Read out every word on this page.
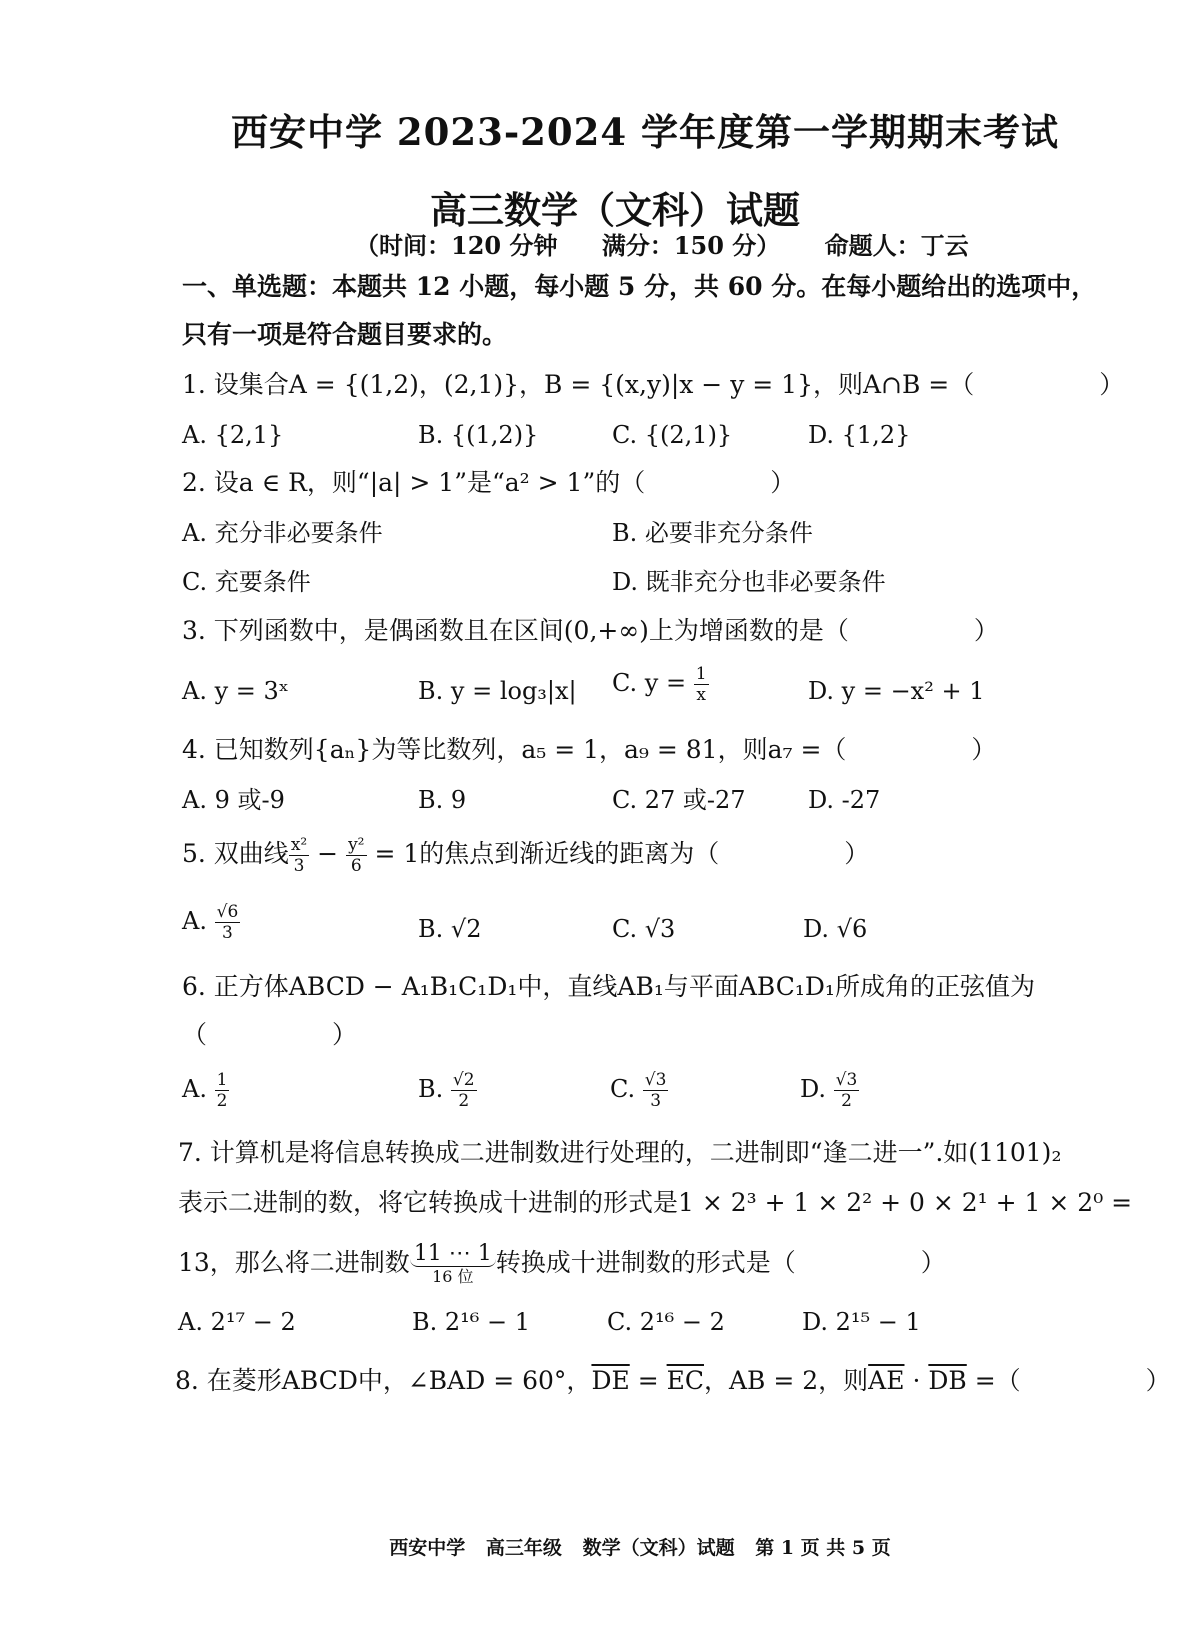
西安中学 2023-2024 学年度第一学期期末考试
高三数学（文科）试题
（时间：120 分钟 满分：150 分） 命题人：丁云
一、单选题：本题共 12 小题，每小题 5 分，共 60 分。在每小题给出的选项中，
只有一项是符合题目要求的。
1. 设集合A = {(1,2)，(2,1)}，B = {(x,y)|x − y = 1}，则A∩B =（　　　　　）
A. {2,1}	B. {(1,2)}	C. {(2,1)}	D. {1,2}
2. 设a ∈ R，则“|a| > 1”是“a² > 1”的（　　　　　）
A. 充分非必要条件	B. 必要非充分条件
C. 充要条件	D. 既非充分也非必要条件
3. 下列函数中，是偶函数且在区间(0,+∞)上为增函数的是（　　　　　）
A. y = 3ˣ	B. y = log₃|x| C. $y = \frac{1}{x}$	D. y = −x² + 1
4. 已知数列{aₙ}为等比数列，a₅ = 1，a₉ = 81，则a₇ =（　　　　　）
A. 9 或-9	B. 9	C. 27 或-27	D. -27
5. 双曲线 $\frac{\text{x²}}{3} - \frac{\text{y²}}{6} = 1$的焦点到渐近线的距离为（　　　　　）
A. $\frac{√6}{3}$	B. √2	C. √3	D. √6
6. 正方体ABCD − A₁B₁C₁D₁中，直线AB₁与平面ABC₁D₁所成角的正弦值为
（　　　　　）
A. $\frac{1}{2}$	B. $\frac{√2}{2}$	C. $\frac{√3}{3}$	D. $\frac{√3}{2}$
7. 计算机是将信息转换成二进制数进行处理的，二进制即“逢二进一”.如(1101)₂
表示二进制的数，将它转换成十进制的形式是1 × 2³ + 1 × 2² + 0 × 2¹ + 1 × 2⁰ =
13，那么将二进制数 $\frac{11 \cdots 1}{\text{16 位}}$ 转换成十进制数的形式是（　　　　　）
A. 2¹⁷ − 2	B. 2¹⁶ − 1	C. 2¹⁶ − 2	D. 2¹⁵ − 1
8. 在菱形ABCD中，∠BAD = 60°，$\overline{DE} = \overline{EC}$，AB = 2，则$\overline{AE} \cdot \overline{DB}$ =（　　　　　）
西安中学 高三年级 数学（文科）试题 第 1 页 共 5 页
